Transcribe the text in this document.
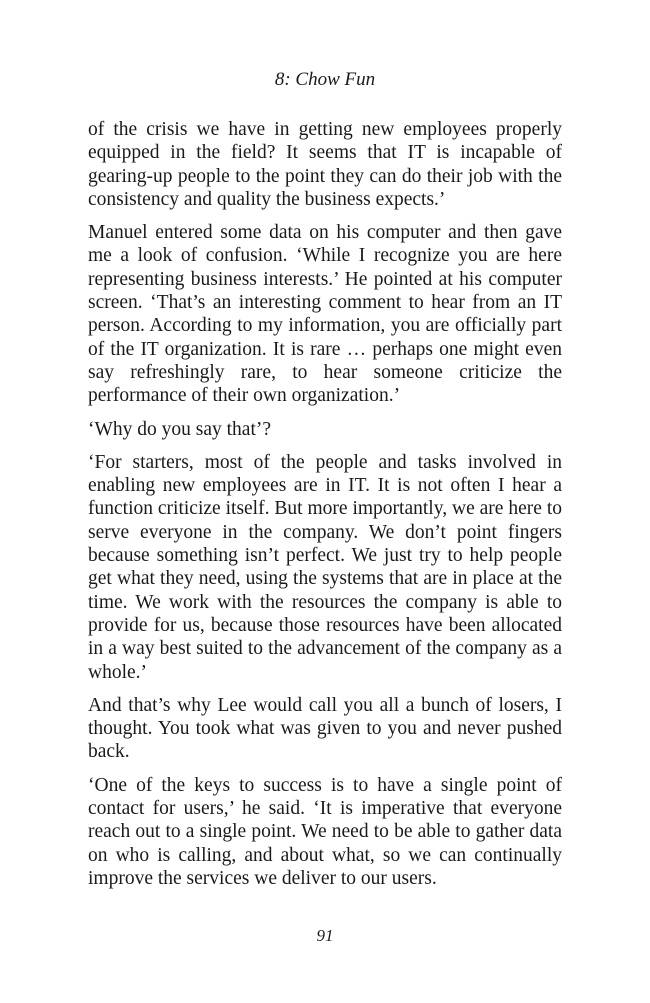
8: Chow Fun

of the crisis we have in getting new employees properly equipped in the field? It seems that IT is incapable of gearing-up people to the point they can do their job with the consistency and quality the business expects.’

Manuel entered some data on his computer and then gave me a look of confusion. ‘While I recognize you are here representing business interests.’ He pointed at his computer screen. ‘That’s an interesting comment to hear from an IT person. According to my information, you are officially part of the IT organization. It is rare … perhaps one might even say refreshingly rare, to hear someone criticize the performance of their own organization.’

‘Why do you say that’?

‘For starters, most of the people and tasks involved in enabling new employees are in IT. It is not often I hear a function criticize itself. But more importantly, we are here to serve everyone in the company. We don’t point fingers because something isn’t perfect. We just try to help people get what they need, using the systems that are in place at the time. We work with the resources the company is able to provide for us, because those resources have been allocated in a way best suited to the advancement of the company as a whole.’

And that’s why Lee would call you all a bunch of losers, I thought. You took what was given to you and never pushed back.

‘One of the keys to success is to have a single point of contact for users,’ he said. ‘It is imperative that everyone reach out to a single point. We need to be able to gather data on who is calling, and about what, so we can continually improve the services we deliver to our users.

91
